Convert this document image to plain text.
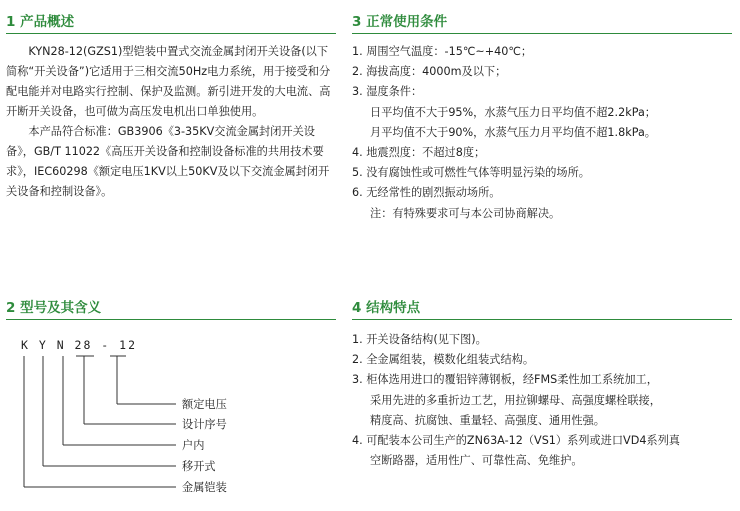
1 产品概述

KYN28-12(GZS1)型铠装中置式交流金属封闭开关设备(以下简称“开关设备”)它适用于三相交流50Hz电力系统，用于接受和分配电能并对电路实行控制、保护及监测。新引进开发的大电流、高开断开关设备，也可做为高压发电机出口单独使用。

本产品符合标准：GB3906《3-35KV交流金属封闭开关设备》，GB/T 11022《高压开关设备和控制设备标准的共用技术要求》，IEC60298《额定电压1KV以上50KV及以下交流金属封闭开关设备和控制设备》。

3 正常使用条件
1. 周围空气温度：-15℃~+40℃；
2. 海拔高度：4000m及以下；
3. 湿度条件：
日平均值不大于95%，水蒸气压力日平均值不超2.2kPa；
月平均值不大于90%，水蒸气压力月平均值不超1.8kPa。
4. 地震烈度：不超过8度；
5. 没有腐蚀性或可燃性气体等明显污染的场所。
6. 无经常性的剧烈振动场所。
注：有特殊要求可与本公司协商解决。
2 型号及其含义
K Y N 28 - 12
额定电压
设计序号
户内
移开式
金属铠装
4 结构特点
1. 开关设备结构(见下图)。
2. 全金属组装，模数化组装式结构。
3. 柜体选用进口的覆铝锌薄钢板，经FMS柔性加工系统加工，
采用先进的多重折边工艺，用拉铆螺母、高强度螺栓联接，
精度高、抗腐蚀、重量轻、高强度、通用性强。
4. 可配装本公司生产的ZN63A-12（VS1）系列或进口VD4系列真
空断路器，适用性广、可靠性高、免维护。
